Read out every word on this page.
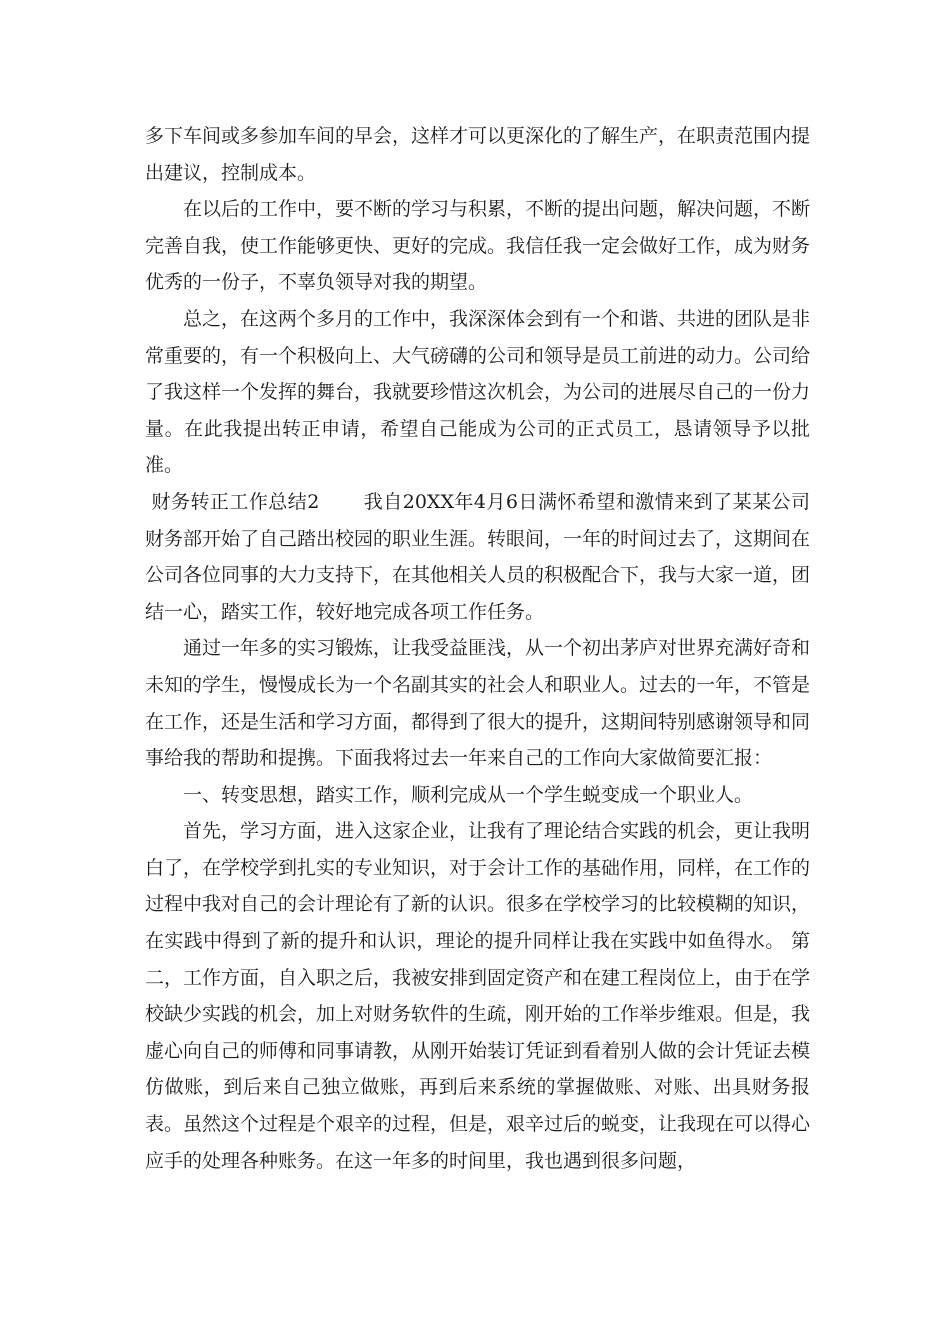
多下车间或多参加车间的早会，这样才可以更深化的了解生产，在职责范围内提出建议，控制成本。

在以后的工作中，要不断的学习与积累，不断的提出问题，解决问题，不断完善自我，使工作能够更快、更好的完成。我信任我一定会做好工作，成为财务优秀的一份子，不辜负领导对我的期望。

总之，在这两个多月的工作中，我深深体会到有一个和谐、共进的团队是非常重要的，有一个积极向上、大气磅礴的公司和领导是员工前进的动力。公司给了我这样一个发挥的舞台，我就要珍惜这次机会，为公司的进展尽自己的一份力量。在此我提出转正申请，希望自己能成为公司的正式员工，恳请领导予以批准。

财务转正工作总结2 我自20XX年4月6日满怀希望和激情来到了某某公司财务部开始了自己踏出校园的职业生涯。转眼间，一年的时间过去了，这期间在公司各位同事的大力支持下，在其他相关人员的积极配合下，我与大家一道，团结一心，踏实工作，较好地完成各项工作任务。

通过一年多的实习锻炼，让我受益匪浅，从一个初出茅庐对世界充满好奇和未知的学生，慢慢成长为一个名副其实的社会人和职业人。过去的一年，不管是在工作，还是生活和学习方面，都得到了很大的提升，这期间特别感谢领导和同事给我的帮助和提携。下面我将过去一年来自己的工作向大家做简要汇报：

一、转变思想，踏实工作，顺利完成从一个学生蜕变成一个职业人。

首先，学习方面，进入这家企业，让我有了理论结合实践的机会，更让我明白了，在学校学到扎实的专业知识，对于会计工作的基础作用，同样，在工作的过程中我对自己的会计理论有了新的认识。很多在学校学习的比较模糊的知识，在实践中得到了新的提升和认识，理论的提升同样让我在实践中如鱼得水。 第二，工作方面，自入职之后，我被安排到固定资产和在建工程岗位上，由于在学校缺少实践的机会，加上对财务软件的生疏，刚开始的工作举步维艰。但是，我虚心向自己的师傅和同事请教，从刚开始装订凭证到看着别人做的会计凭证去模仿做账，到后来自己独立做账，再到后来系统的掌握做账、对账、出具财务报表。虽然这个过程是个艰辛的过程，但是，艰辛过后的蜕变，让我现在可以得心应手的处理各种账务。在这一年多的时间里，我也遇到很多问题，
